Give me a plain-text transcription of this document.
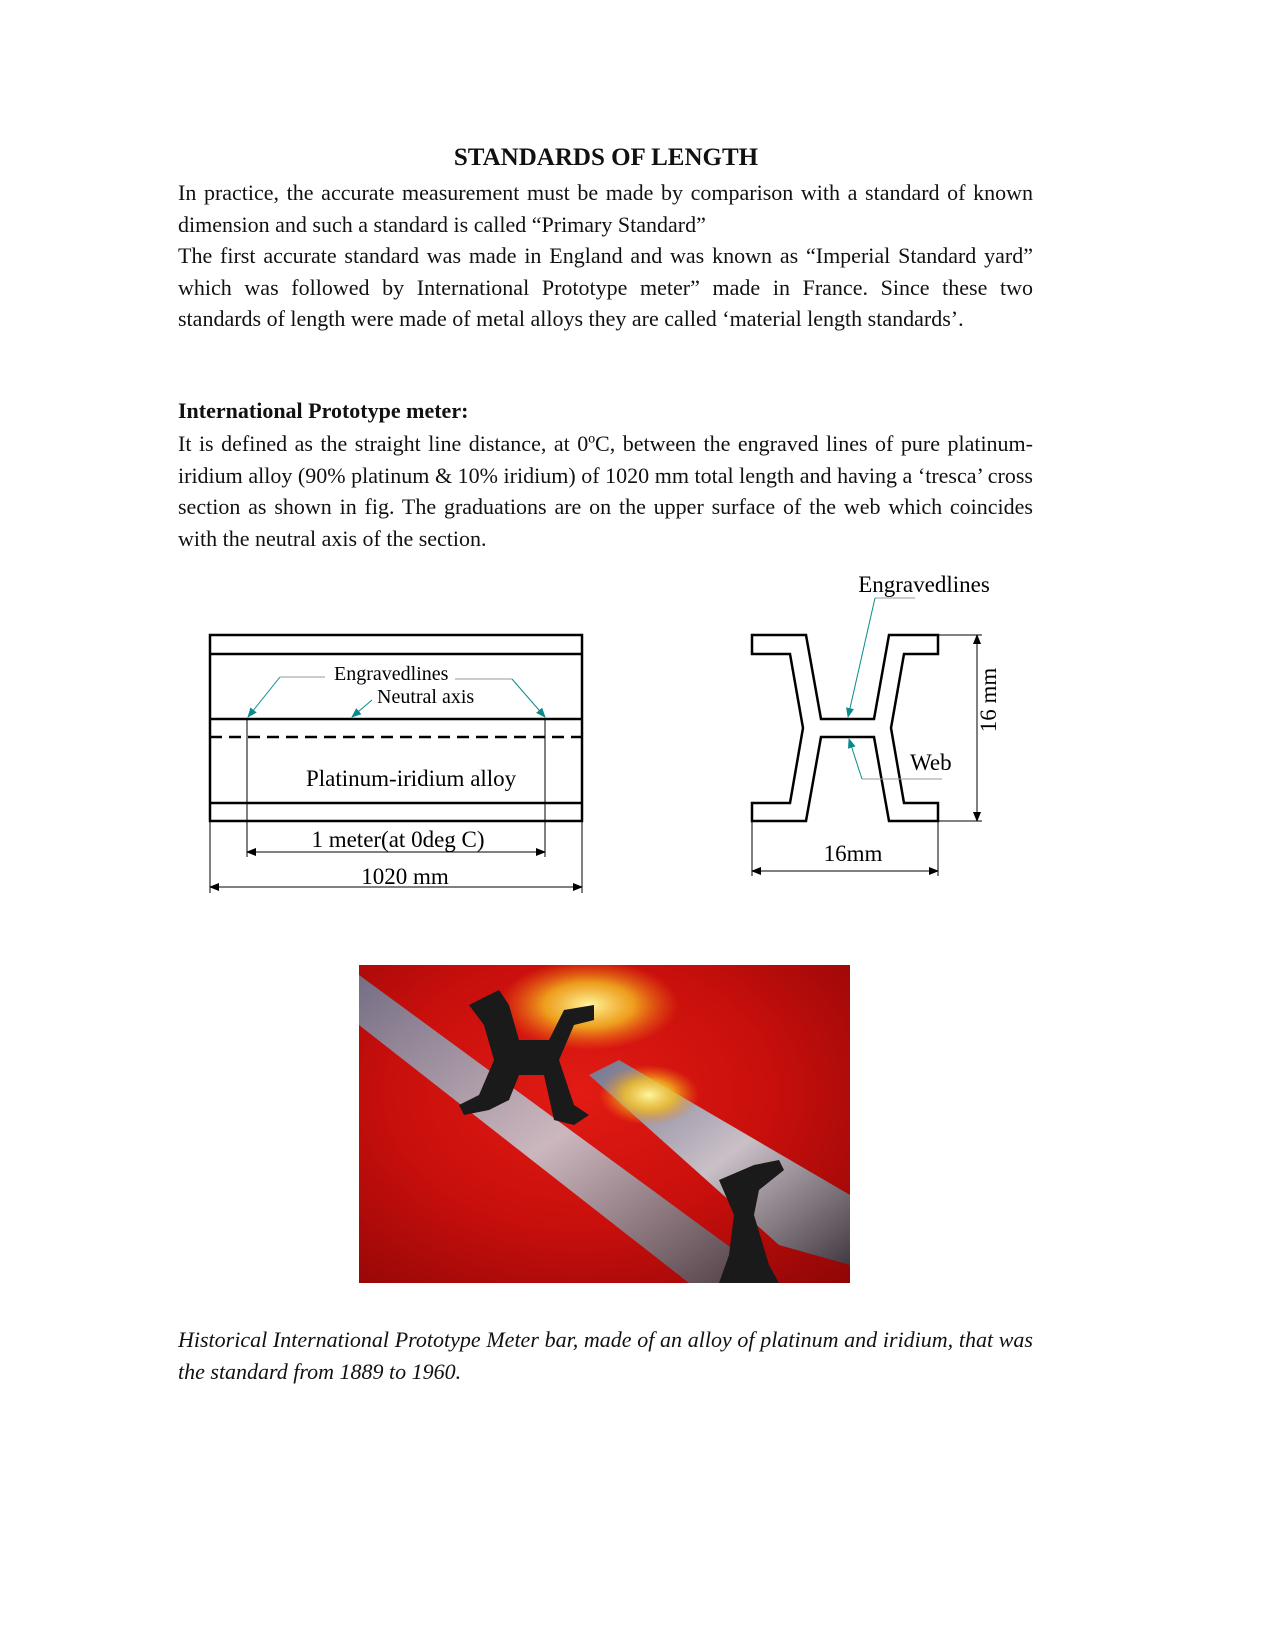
STANDARDS OF LENGTH
In practice, the accurate measurement must be made by comparison with a standard of known dimension and such a standard is called “Primary Standard”
The first accurate standard was made in England and was known as “Imperial Standard yard” which was followed by International Prototype meter” made in France. Since these two standards of length were made of metal alloys they are called ‘material length standards’.
International Prototype meter:
It is defined as the straight line distance, at 0ºC, between the engraved lines of pure platinum-iridium alloy (90% platinum & 10% iridium) of 1020 mm total length and having a ‘tresca’ cross section as shown in fig. The graduations are on the upper surface of the web which coincides with the neutral axis of the section.
Engravedlines
Neutral axis
Platinum-iridium alloy
1 meter(at 0deg C)
1020 mm
Engravedlines
Web
16 mm
16mm
Historical International Prototype Meter bar, made of an alloy of platinum and iridium, that was the standard from 1889 to 1960.
